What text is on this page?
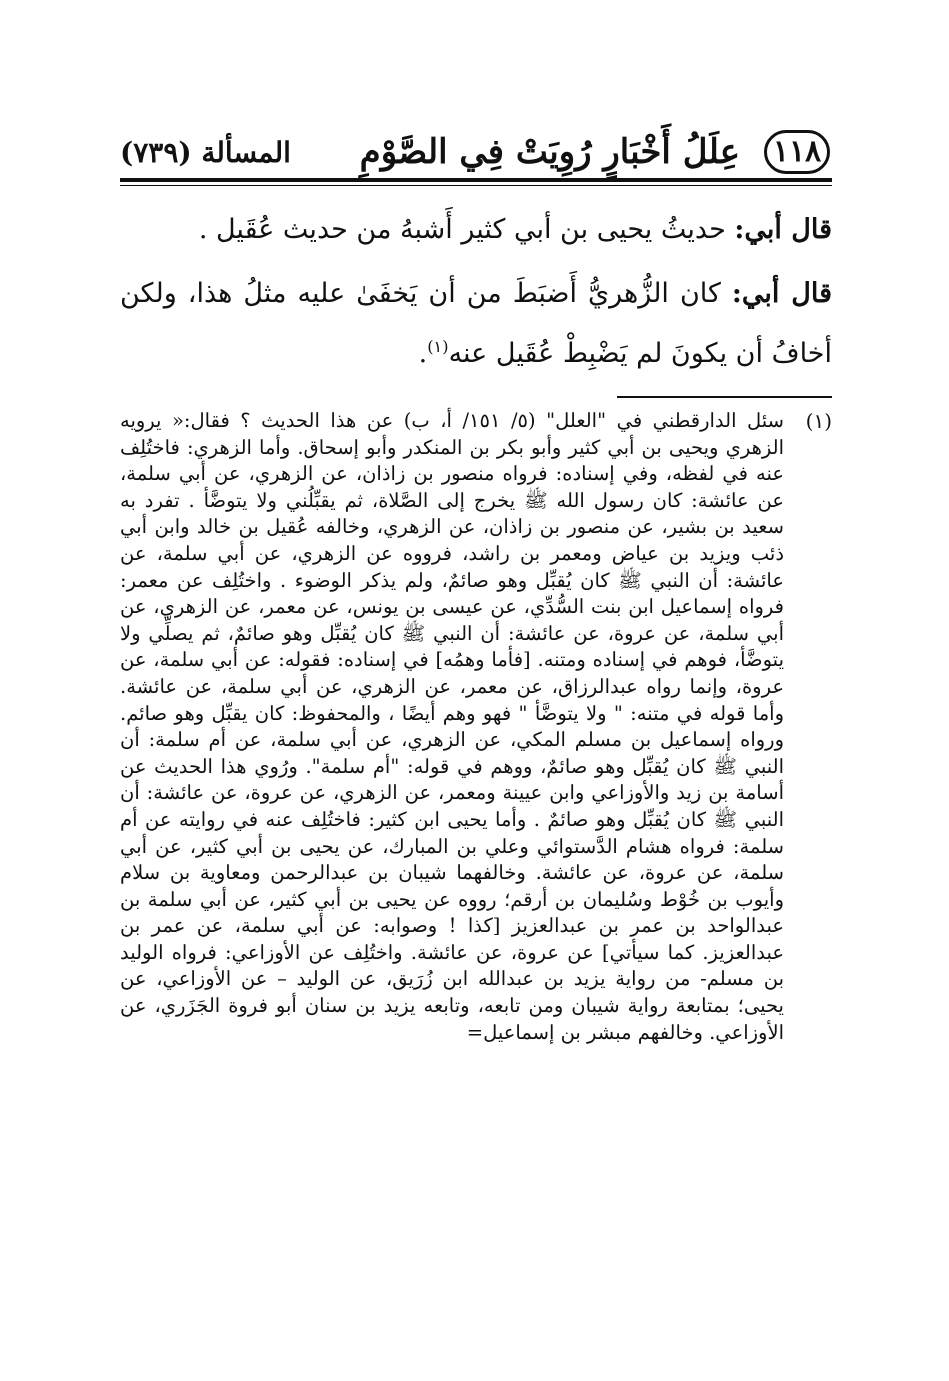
١١٨
عِلَلُ أَخْبَارٍ رُوِيَتْ فِي الصَّوْمِ
المسألة (٧٣٩)

قال أبي: حديثُ يحيى بن أبي كثير أَشبهُ من حديث عُقَيل .

قال أبي: كان الزُّهريُّ أَضبَطَ من أن يَخفَىٰ عليه مثلُ هذا، ولكن أخافُ أن يكونَ لم يَضْبِطْ عُقَيل عنه$^{(١)}$.

(١)
سئل الدارقطني في "العلل" (٥/ ١٥١/ أ، ب) عن هذا الحديث ؟ فقال:« يرويه الزهري ويحيى بن أبي كثير وأبو بكر بن المنكدر وأبو إسحاق. وأما الزهري: فاختُلِف عنه في لفظه، وفي إسناده: فرواه منصور بن زاذان، عن الزهري، عن أبي سلمة، عن عائشة: كان رسول الله ﷺ يخرج إلى الصَّلاة، ثم يقبِّلُني ولا يتوضَّأ . تفرد به سعيد بن بشير، عن منصور بن زاذان، عن الزهري، وخالفه عُقيل بن خالد وابن أبي ذئب ويزيد بن عياض ومعمر بن راشد، فرووه عن الزهري، عن أبي سلمة، عن عائشة: أن النبي ﷺ كان يُقبِّل وهو صائمٌ، ولم يذكر الوضوء . واختُلِف عن معمر: فرواه إسماعيل ابن بنت السُّدِّي، عن عيسى بن يونس، عن معمر، عن الزهري، عن أبي سلمة، عن عروة، عن عائشة: أن النبي ﷺ كان يُقبِّل وهو صائمٌ، ثم يصلِّي ولا يتوضَّأ، فوهم في إسناده ومتنه. [فأما وهمُه] في إسناده: فقوله: عن أبي سلمة، عن عروة، وإنما رواه عبدالرزاق، عن معمر، عن الزهري، عن أبي سلمة، عن عائشة. وأما قوله في متنه: " ولا يتوضَّأ " فهو وهم أيضًا ، والمحفوظ: كان يقبِّل وهو صائم. ورواه إسماعيل بن مسلم المكي، عن الزهري، عن أبي سلمة، عن أم سلمة: أن النبي ﷺ كان يُقبِّل وهو صائمٌ، ووهم في قوله: "أم سلمة". ورُوي هذا الحديث عن أسامة بن زيد والأوزاعي وابن عيينة ومعمر، عن الزهري، عن عروة، عن عائشة: أن النبي ﷺ كان يُقبِّل وهو صائمٌ . وأما يحيى ابن كثير: فاختُلِف عنه في روايته عن أم سلمة: فرواه هشام الدَّستوائي وعلي بن المبارك، عن يحيى بن أبي كثير، عن أبي سلمة، عن عروة، عن عائشة. وخالفهما شيبان بن عبدالرحمن ومعاوية بن سلام وأيوب بن خُوْط وسُليمان بن أرقم؛ رووه عن يحيى بن أبي كثير، عن أبي سلمة بن عبدالواحد بن عمر بن عبدالعزيز [كذا ! وصوابه: عن أبي سلمة، عن عمر بن عبدالعزيز. كما سيأتي] عن عروة، عن عائشة. واختُلِف عن الأوزاعي: فرواه الوليد بن مسلم- من رواية يزيد بن عبدالله ابن زُرَيق، عن الوليد – عن الأوزاعي، عن يحيى؛ بمتابعة رواية شيبان ومن تابعه، وتابعه يزيد بن سنان أبو فروة الجَزَري، عن الأوزاعي. وخالفهم مبشر بن إسماعيل=
